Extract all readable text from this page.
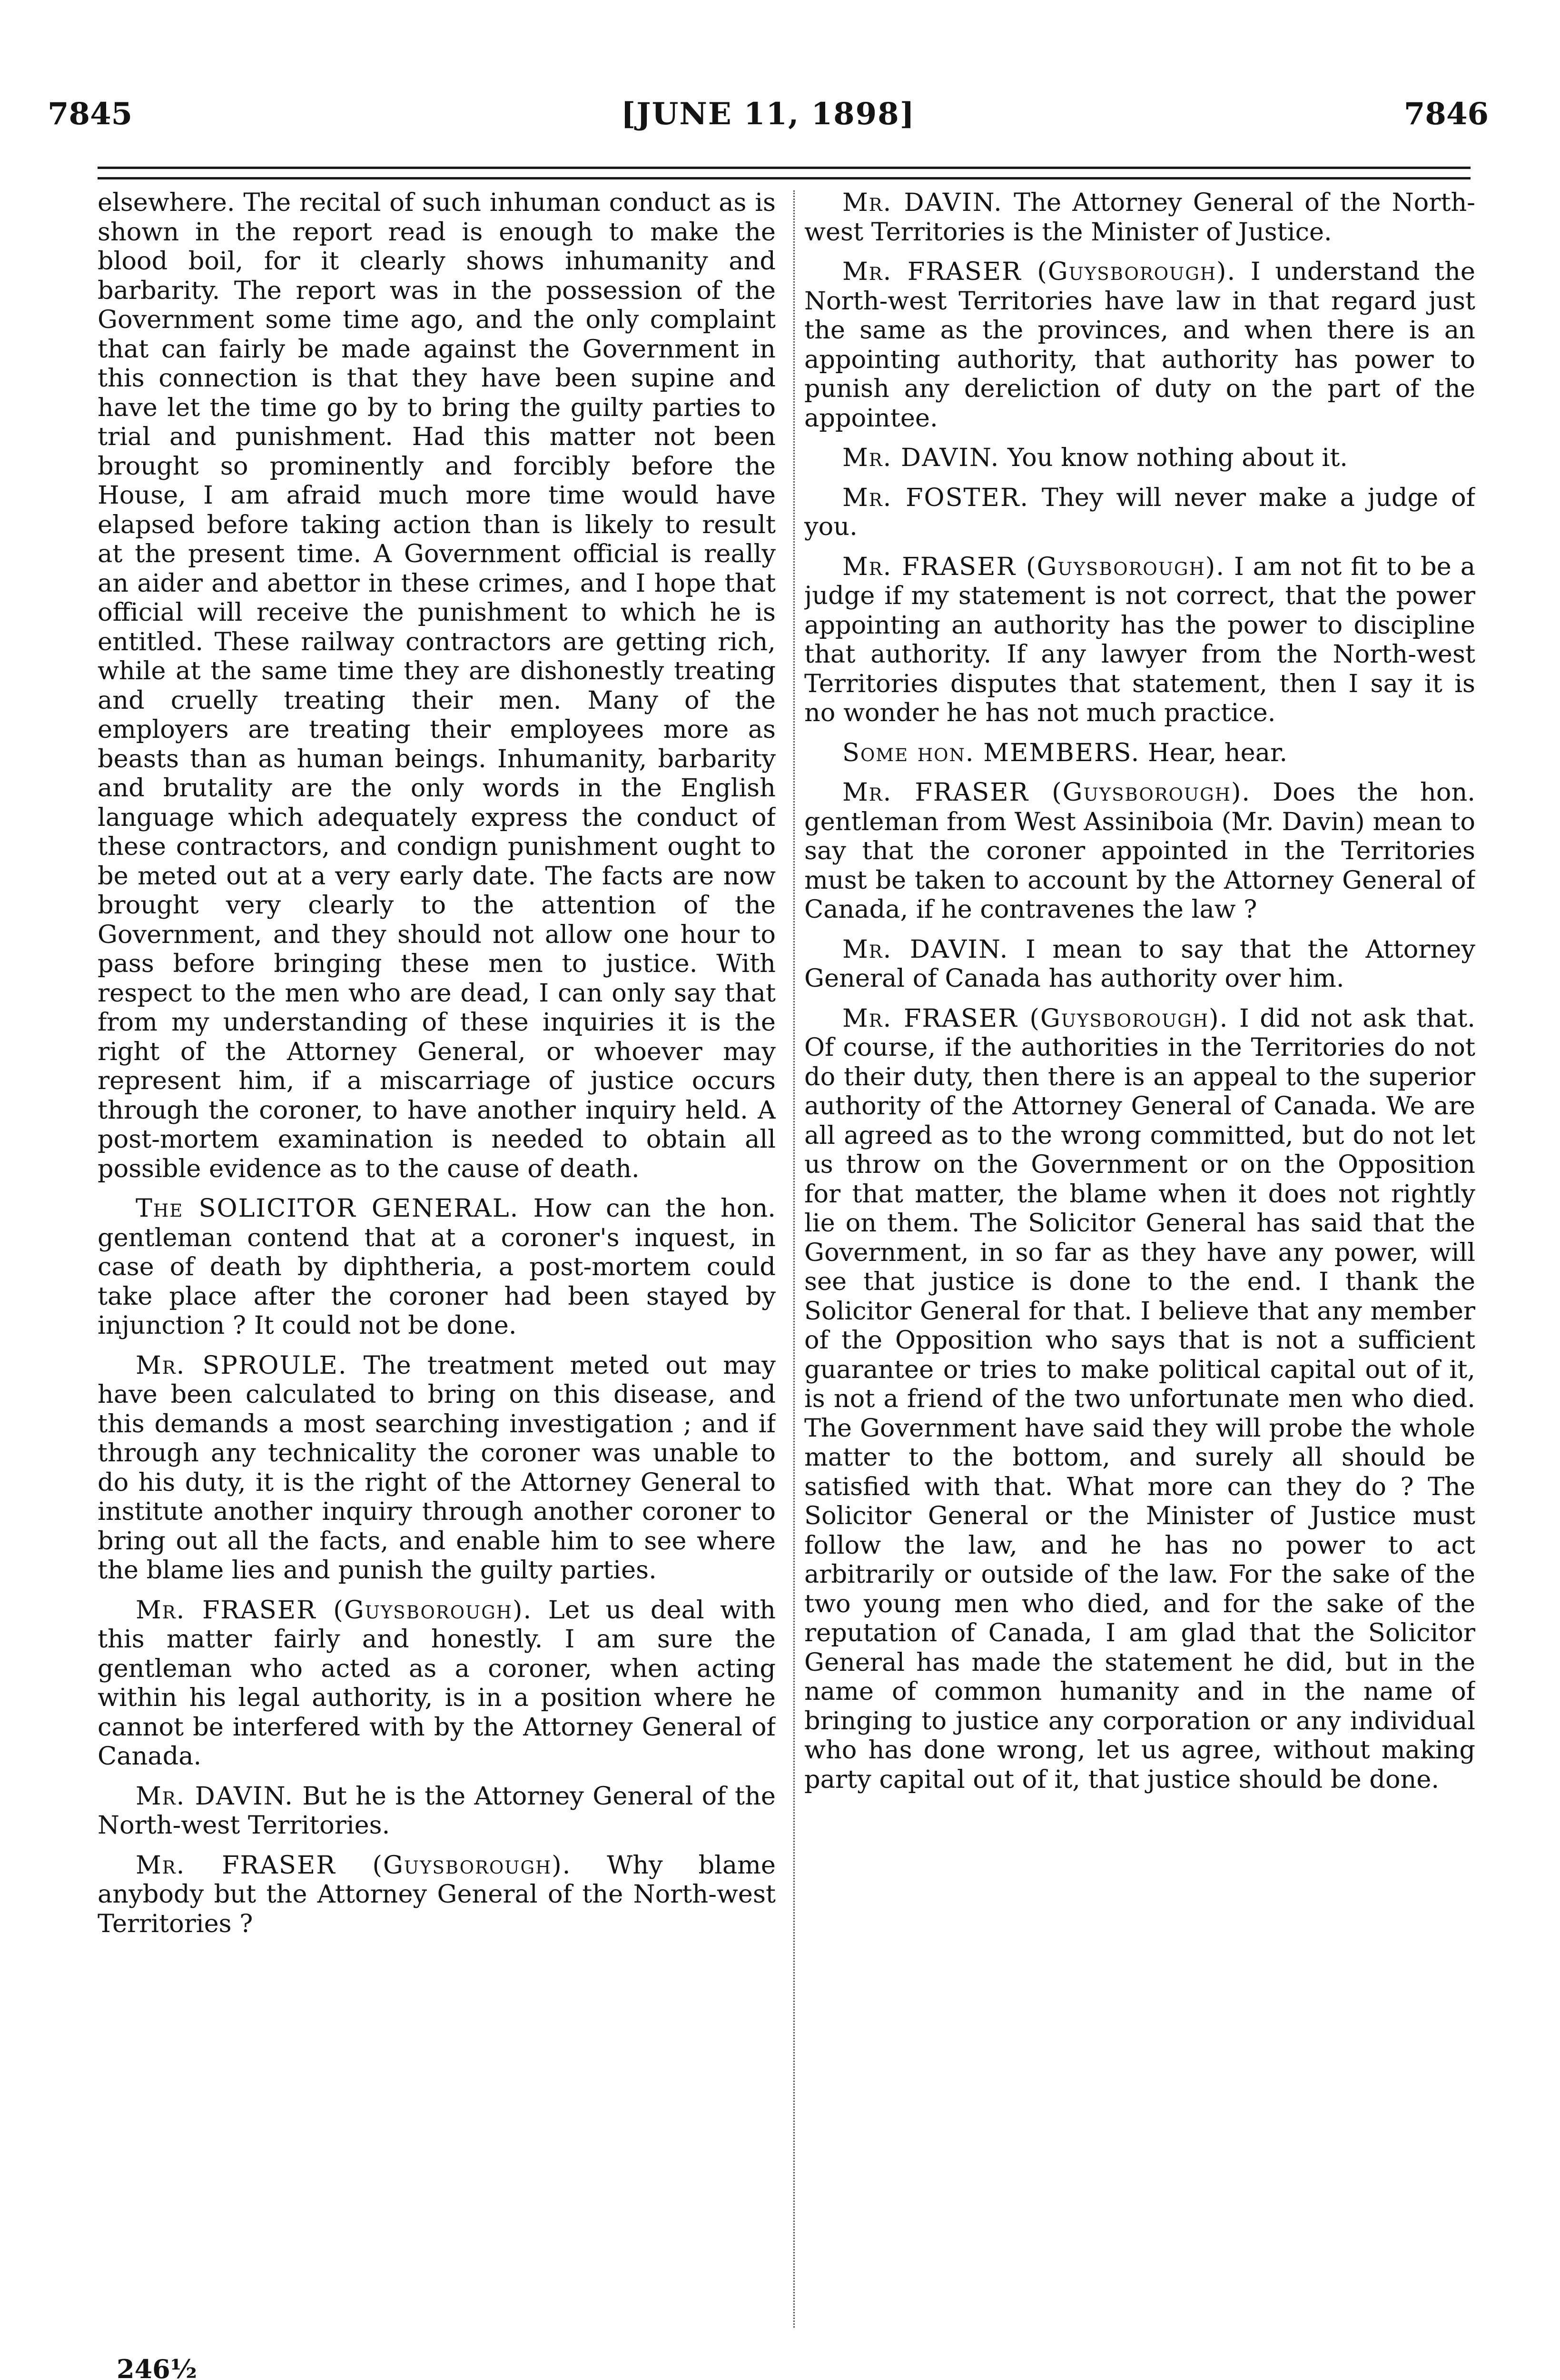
7845	[JUNE 11, 1898]	7846

elsewhere. The recital of such inhuman conduct as is shown in the report read is enough to make the blood boil, for it clearly shows inhumanity and barbarity. The report was in the possession of the Government some time ago, and the only complaint that can fairly be made against the Government in this connection is that they have been supine and have let the time go by to bring the guilty parties to trial and punishment. Had this matter not been brought so prominently and forcibly before the House, I am afraid much more time would have elapsed before taking action than is likely to result at the present time. A Government official is really an aider and abettor in these crimes, and I hope that official will receive the punishment to which he is entitled. These railway contractors are getting rich, while at the same time they are dishonestly treating and cruelly treating their men. Many of the employers are treating their employees more as beasts than as human beings. Inhumanity, barbarity and brutality are the only words in the English language which adequately express the conduct of these contractors, and condign punishment ought to be meted out at a very early date. The facts are now brought very clearly to the attention of the Government, and they should not allow one hour to pass before bringing these men to justice. With respect to the men who are dead, I can only say that from my understanding of these inquiries it is the right of the Attorney General, or whoever may represent him, if a miscarriage of justice occurs through the coroner, to have another inquiry held. A post-mortem examination is needed to obtain all possible evidence as to the cause of death.

The SOLICITOR GENERAL. How can the hon. gentleman contend that at a coroner's inquest, in case of death by diphtheria, a post-mortem could take place after the coroner had been stayed by injunction ? It could not be done.

Mr. SPROULE. The treatment meted out may have been calculated to bring on this disease, and this demands a most searching investigation ; and if through any technicality the coroner was unable to do his duty, it is the right of the Attorney General to institute another inquiry through another coroner to bring out all the facts, and enable him to see where the blame lies and punish the guilty parties.

Mr. FRASER (Guysborough). Let us deal with this matter fairly and honestly. I am sure the gentleman who acted as a coroner, when acting within his legal authority, is in a position where he cannot be interfered with by the Attorney General of Canada.

Mr. DAVIN. But he is the Attorney General of the North-west Territories.

Mr. FRASER (Guysborough). Why blame anybody but the Attorney General of the North-west Territories ?

Mr. DAVIN. The Attorney General of the North-west Territories is the Minister of Justice.

Mr. FRASER (Guysborough). I understand the North-west Territories have law in that regard just the same as the provinces, and when there is an appointing authority, that authority has power to punish any dereliction of duty on the part of the appointee.

Mr. DAVIN. You know nothing about it.

Mr. FOSTER. They will never make a judge of you.

Mr. FRASER (Guysborough). I am not fit to be a judge if my statement is not correct, that the power appointing an authority has the power to discipline that authority. If any lawyer from the North-west Territories disputes that statement, then I say it is no wonder he has not much practice.

Some hon. MEMBERS. Hear, hear.

Mr. FRASER (Guysborough). Does the hon. gentleman from West Assiniboia (Mr. Davin) mean to say that the coroner appointed in the Territories must be taken to account by the Attorney General of Canada, if he contravenes the law ?

Mr. DAVIN. I mean to say that the Attorney General of Canada has authority over him.

Mr. FRASER (Guysborough). I did not ask that. Of course, if the authorities in the Territories do not do their duty, then there is an appeal to the superior authority of the Attorney General of Canada. We are all agreed as to the wrong committed, but do not let us throw on the Government or on the Opposition for that matter, the blame when it does not rightly lie on them. The Solicitor General has said that the Government, in so far as they have any power, will see that justice is done to the end. I thank the Solicitor General for that. I believe that any member of the Opposition who says that is not a sufficient guarantee or tries to make political capital out of it, is not a friend of the two unfortunate men who died. The Government have said they will probe the whole matter to the bottom, and surely all should be satisfied with that. What more can they do ? The Solicitor General or the Minister of Justice must follow the law, and he has no power to act arbitrarily or outside of the law. For the sake of the two young men who died, and for the sake of the reputation of Canada, I am glad that the Solicitor General has made the statement he did, but in the name of common humanity and in the name of bringing to justice any corporation or any individual who has done wrong, let us agree, without making party capital out of it, that justice should be done.

246½
